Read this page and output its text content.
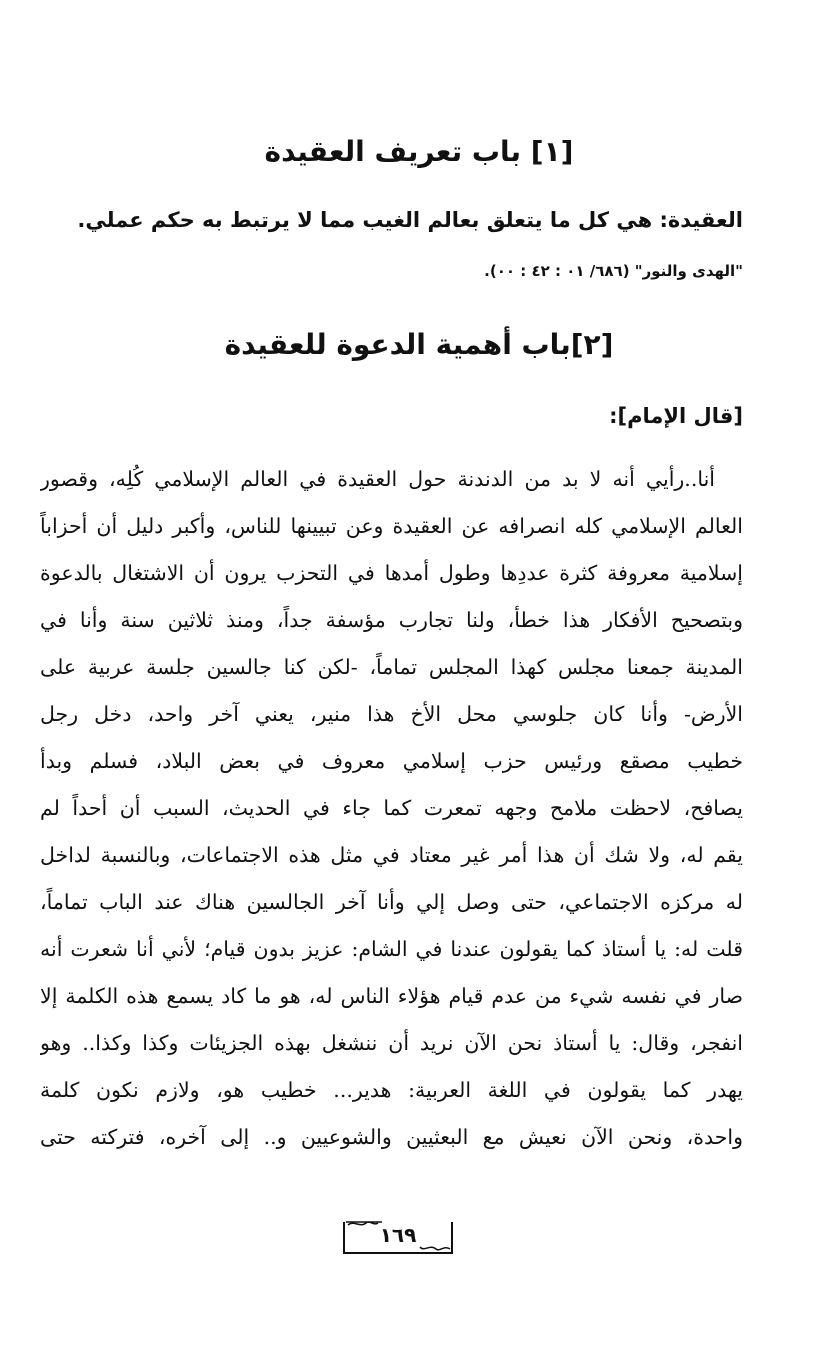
[١] باب تعريف العقيدة
العقيدة: هي كل ما يتعلق بعالم الغيب مما لا يرتبط به حكم عملي.
"الهدى والنور" (٦٨٦/ ٠١ : ٤٢ : ٠٠).
[٢]باب أهمية الدعوة للعقيدة
[قال الإمام]:
أنا..رأيي أنه لا بد من الدندنة حول العقيدة في العالم الإسلامي كُلِه، وقصور
العالم الإسلامي كله انصرافه عن العقيدة وعن تبيينها للناس، وأكبر دليل أن أحزاباً
إسلامية معروفة كثرة عددِها وطول أمدها في التحزب يرون أن الاشتغال بالدعوة
وبتصحيح الأفكار هذا خطأ، ولنا تجارب مؤسفة جداً، ومنذ ثلاثين سنة وأنا في
المدينة جمعنا مجلس كهذا المجلس تماماً، -لكن كنا جالسين جلسة عربية على
الأرض- وأنا كان جلوسي محل الأخ هذا منير، يعني آخر واحد، دخل رجل
خطيب مصقع ورئيس حزب إسلامي معروف في بعض البلاد، فسلم وبدأ
يصافح، لاحظت ملامح وجهه تمعرت كما جاء في الحديث، السبب أن أحداً لم
يقم له، ولا شك أن هذا أمر غير معتاد في مثل هذه الاجتماعات، وبالنسبة لداخل
له مركزه الاجتماعي، حتى وصل إلي وأنا آخر الجالسين هناك عند الباب تماماً،
قلت له: يا أستاذ كما يقولون عندنا في الشام: عزيز بدون قيام؛ لأني أنا شعرت أنه
صار في نفسه شيء من عدم قيام هؤلاء الناس له، هو ما كاد يسمع هذه الكلمة إلا
انفجر، وقال: يا أستاذ نحن الآن نريد أن ننشغل بهذه الجزيئات وكذا وكذا.. وهو
يهدر كما يقولون في اللغة العربية: هدير... خطيب هو، ولازم نكون كلمة
واحدة، ونحن الآن نعيش مع البعثيين والشوعيين و.. إلى آخره، فتركته حتى
١٦٩
